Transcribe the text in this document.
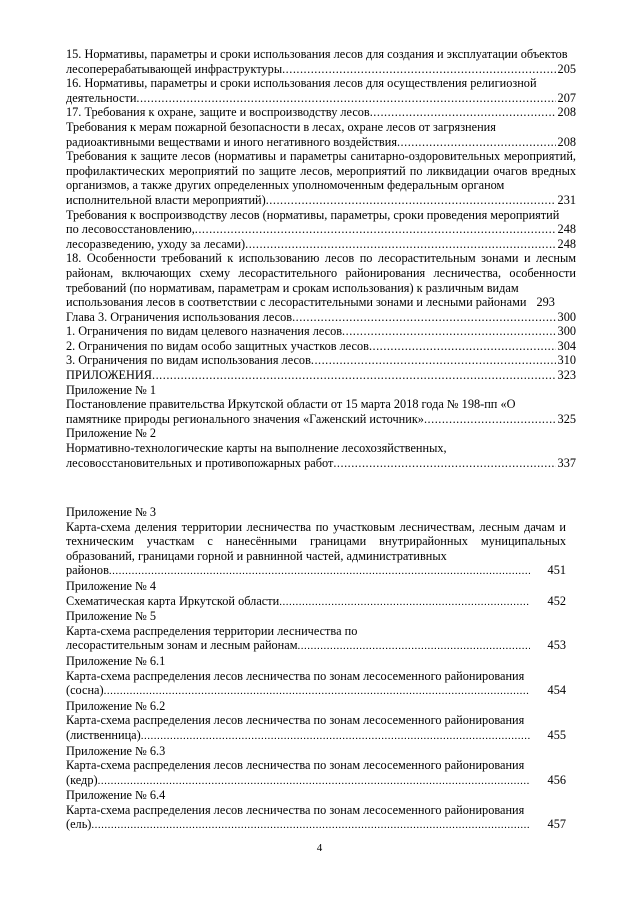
15. Нормативы, параметры и сроки использования лесов для создания и эксплуатации объектов
лесоперерабатывающей инфраструктуры .....	205
16. Нормативы, параметры и сроки использования лесов для осуществления религиозной
деятельности .....	207
17. Требования к охране, защите и воспроизводству лесов .....	208
Требования к мерам пожарной безопасности в лесах, охране лесов от загрязнения
радиоактивными веществами и иного негативного воздействия .....	208
Требования к защите лесов (нормативы и параметры санитарно-оздоровительных мероприятий, профилактических мероприятий по защите лесов, мероприятий по ликвидации очагов вредных организмов, а также других определенных уполномоченным федеральным органом
исполнительной власти мероприятий) .....	231
Требования к воспроизводству лесов (нормативы, параметры, сроки проведения мероприятий
по лесовосстановлению, .....	248
лесоразведению, уходу за лесами) .....	248
18. Особенности требований к использованию лесов по лесорастительным зонами и лесным районам, включающих схему лесорастительного районирования лесничества, особенности требований (по нормативам, параметрам и срокам использования) к различным видам
использования лесов в соответствии с лесорастительными зонами и лесными районами 293
Глава 3. Ограничения использования лесов .....	300
1. Ограничения по видам целевого назначения лесов .....	300
2. Ограничения по видам особо защитных участков лесов .....	304
3. Ограничения по видам использования лесов .....	310
ПРИЛОЖЕНИЯ .....	323

Приложение № 1

Постановление правительства Иркутской области от 15 марта 2018 года № 198-пп «О
памятнике природы регионального значения «Гаженский источник» .....	325

Приложение № 2

Нормативно-технологические карты на выполнение лесохозяйственных,
лесовосстановительных и противопожарных работ .....	337

Приложение № 3

Карта-схема деления территории лесничества по участковым лесничествам, лесным дачам и техническим участкам с нанесёнными границами внутрирайонных муниципальных образований, границами горной и равнинной частей, административных
районов .....	451

Приложение № 4

Схематическая карта Иркутской области .....	452

Приложение № 5

Карта-схема распределения территории лесничества по
лесорастительным зонам и лесным районам .....	453

Приложение № 6.1

Карта-схема распределения лесов лесничества по зонам лесосеменного районирования
(сосна) .....	454

Приложение № 6.2

Карта-схема распределения лесов лесничества по зонам лесосеменного районирования
(лиственница) .....	455

Приложение № 6.3

Карта-схема распределения лесов лесничества по зонам лесосеменного районирования
(кедр) .....	456

Приложение № 6.4

Карта-схема распределения лесов лесничества по зонам лесосеменного районирования
(ель) .....	457
4
